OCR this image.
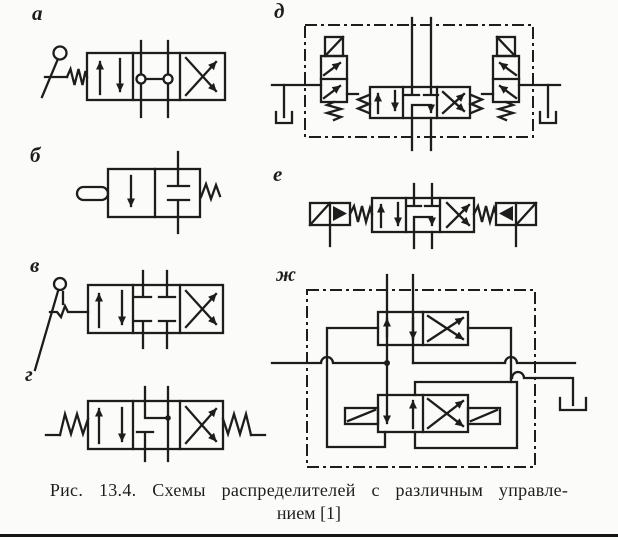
а
б
в
г
д
е
ж
Рис. 13.4. Схемы распределителей с различным управле-
нием [1]
